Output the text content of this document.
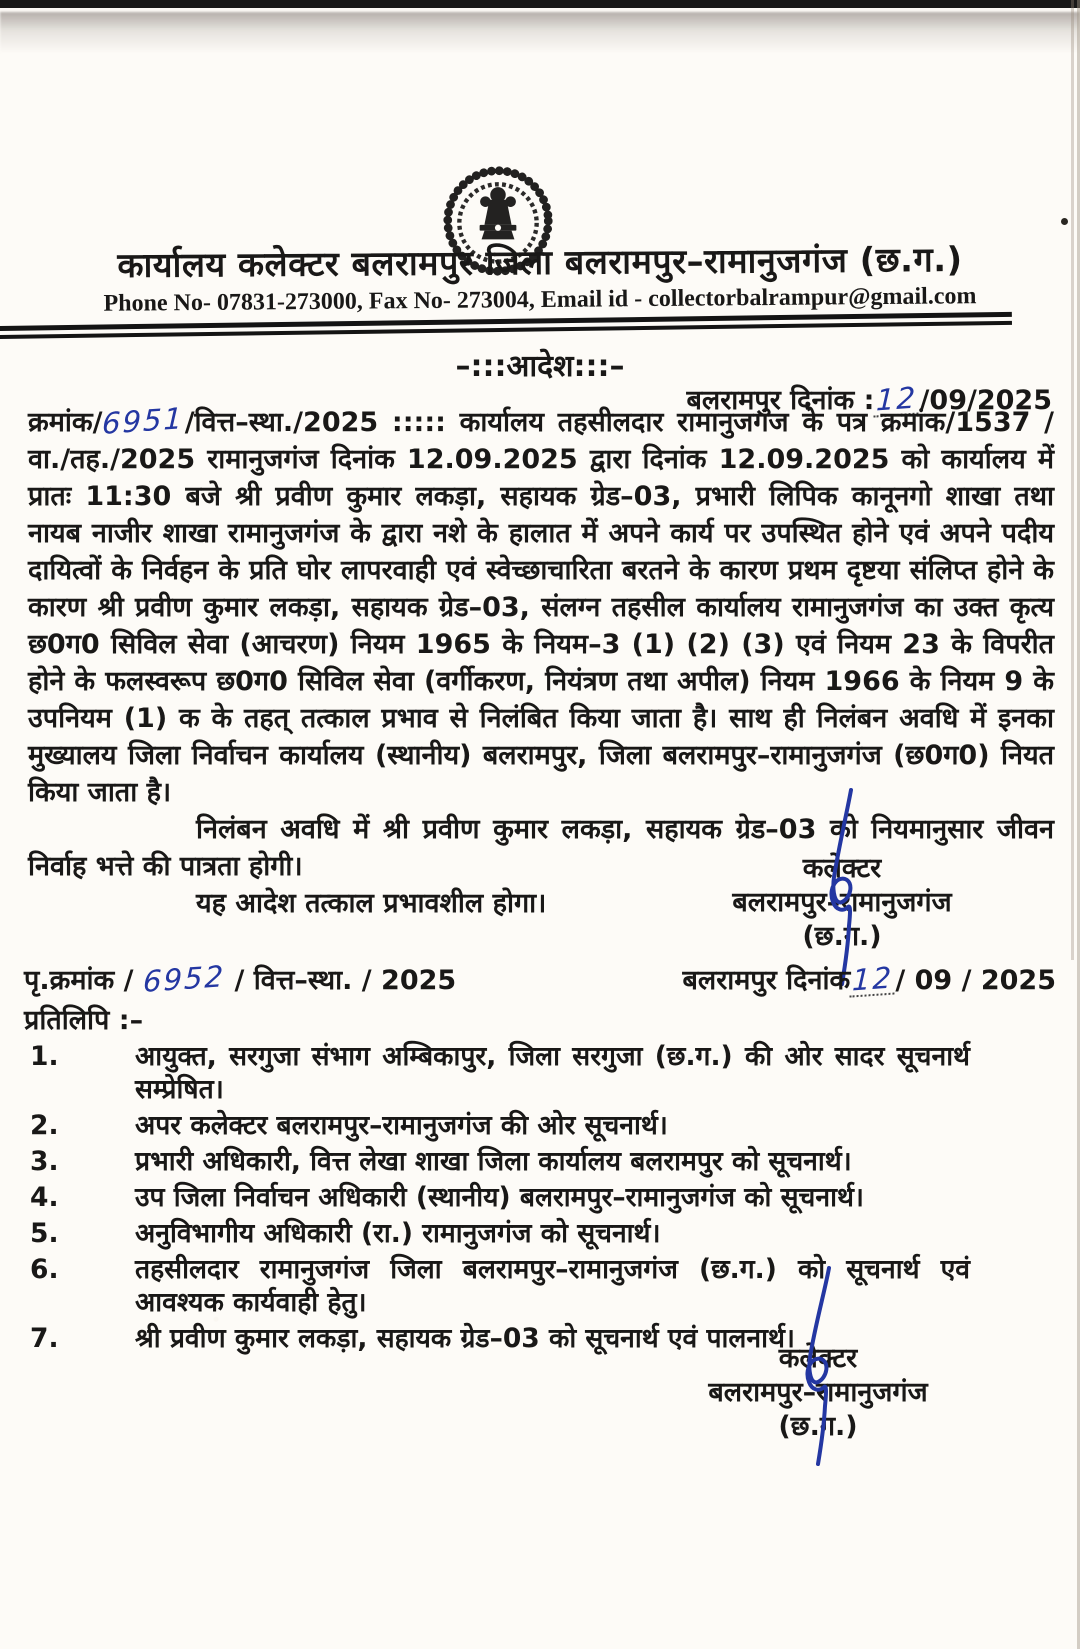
कार्यालय कलेक्टर बलरामपुर जिला बलरामपुर–रामानुजगंज (छ.ग.)
Phone No- 07831-273000, Fax No- 273004, Email id - collectorbalrampur@gmail.com
–:::आदेश:::–
बलरामपुर दिनांक :12/09/2025

क्रमांक/6951/वित्त–स्था./2025 ::::: कार्यालय तहसीलदार रामानुजगंज के पत्र क्रमांक/1537 /वा./तह./2025 रामानुजगंज दिनांक 12.09.2025 द्वारा दिनांक 12.09.2025 को कार्यालय में प्रातः 11:30 बजे श्री प्रवीण कुमार लकड़ा, सहायक ग्रेड–03, प्रभारी लिपिक कानूनगो शाखा तथा नायब नाजीर शाखा रामानुजगंज के द्वारा नशे के हालात में अपने कार्य पर उपस्थित होने एवं अपने पदीय दायित्वों के निर्वहन के प्रति घोर लापरवाही एवं स्वेच्छाचारिता बरतने के कारण प्रथम दृष्टया संलिप्त होने के कारण श्री प्रवीण कुमार लकड़ा, सहायक ग्रेड–03, संलग्न तहसील कार्यालय रामानुजगंज का उक्त कृत्य छ0ग0 सिविल सेवा (आचरण) नियम 1965 के नियम–3 (1) (2) (3) एवं नियम 23 के विपरीत होने के फलस्वरूप छ0ग0 सिविल सेवा (वर्गीकरण, नियंत्रण तथा अपील) नियम 1966 के नियम 9 के उपनियम (1) क के तहत् तत्काल प्रभाव से निलंबित किया जाता है। साथ ही निलंबन अवधि में इनका मुख्यालय जिला निर्वाचन कार्यालय (स्थानीय) बलरामपुर, जिला बलरामपुर–रामानुजगंज (छ0ग0) नियत किया जाता है।

निलंबन अवधि में श्री प्रवीण कुमार लकड़ा, सहायक ग्रेड–03 को नियमानुसार जीवन निर्वाह भत्ते की पात्रता होगी।

यह आदेश तत्काल प्रभावशील होगा।

कलेक्टर
बलरामपुर–रामानुजगंज
(छ.ग.)
पृ.क्रमांक / 6952 / वित्त–स्था. / 2025	बलरामपुर दिनांक12/ 09 / 2025
प्रतिलिपि :–
1.	आयुक्त, सरगुजा संभाग अम्बिकापुर, जिला सरगुजा (छ.ग.) की ओर सादर सूचनार्थ सम्प्रेषित।
2.	अपर कलेक्टर बलरामपुर–रामानुजगंज की ओर सूचनार्थ।
3.	प्रभारी अधिकारी, वित्त लेखा शाखा जिला कार्यालय बलरामपुर को सूचनार्थ।
4.	उप जिला निर्वाचन अधिकारी (स्थानीय) बलरामपुर–रामानुजगंज को सूचनार्थ।
5.	अनुविभागीय अधिकारी (रा.) रामानुजगंज को सूचनार्थ।
6.	तहसीलदार रामानुजगंज जिला बलरामपुर–रामानुजगंज (छ.ग.) को सूचनार्थ एवं आवश्यक कार्यवाही हेतु।
7.	श्री प्रवीण कुमार लकड़ा, सहायक ग्रेड–03 को सूचनार्थ एवं पालनार्थ।
कलेक्टर
बलरामपुर–रामानुजगंज
(छ.ग.)
